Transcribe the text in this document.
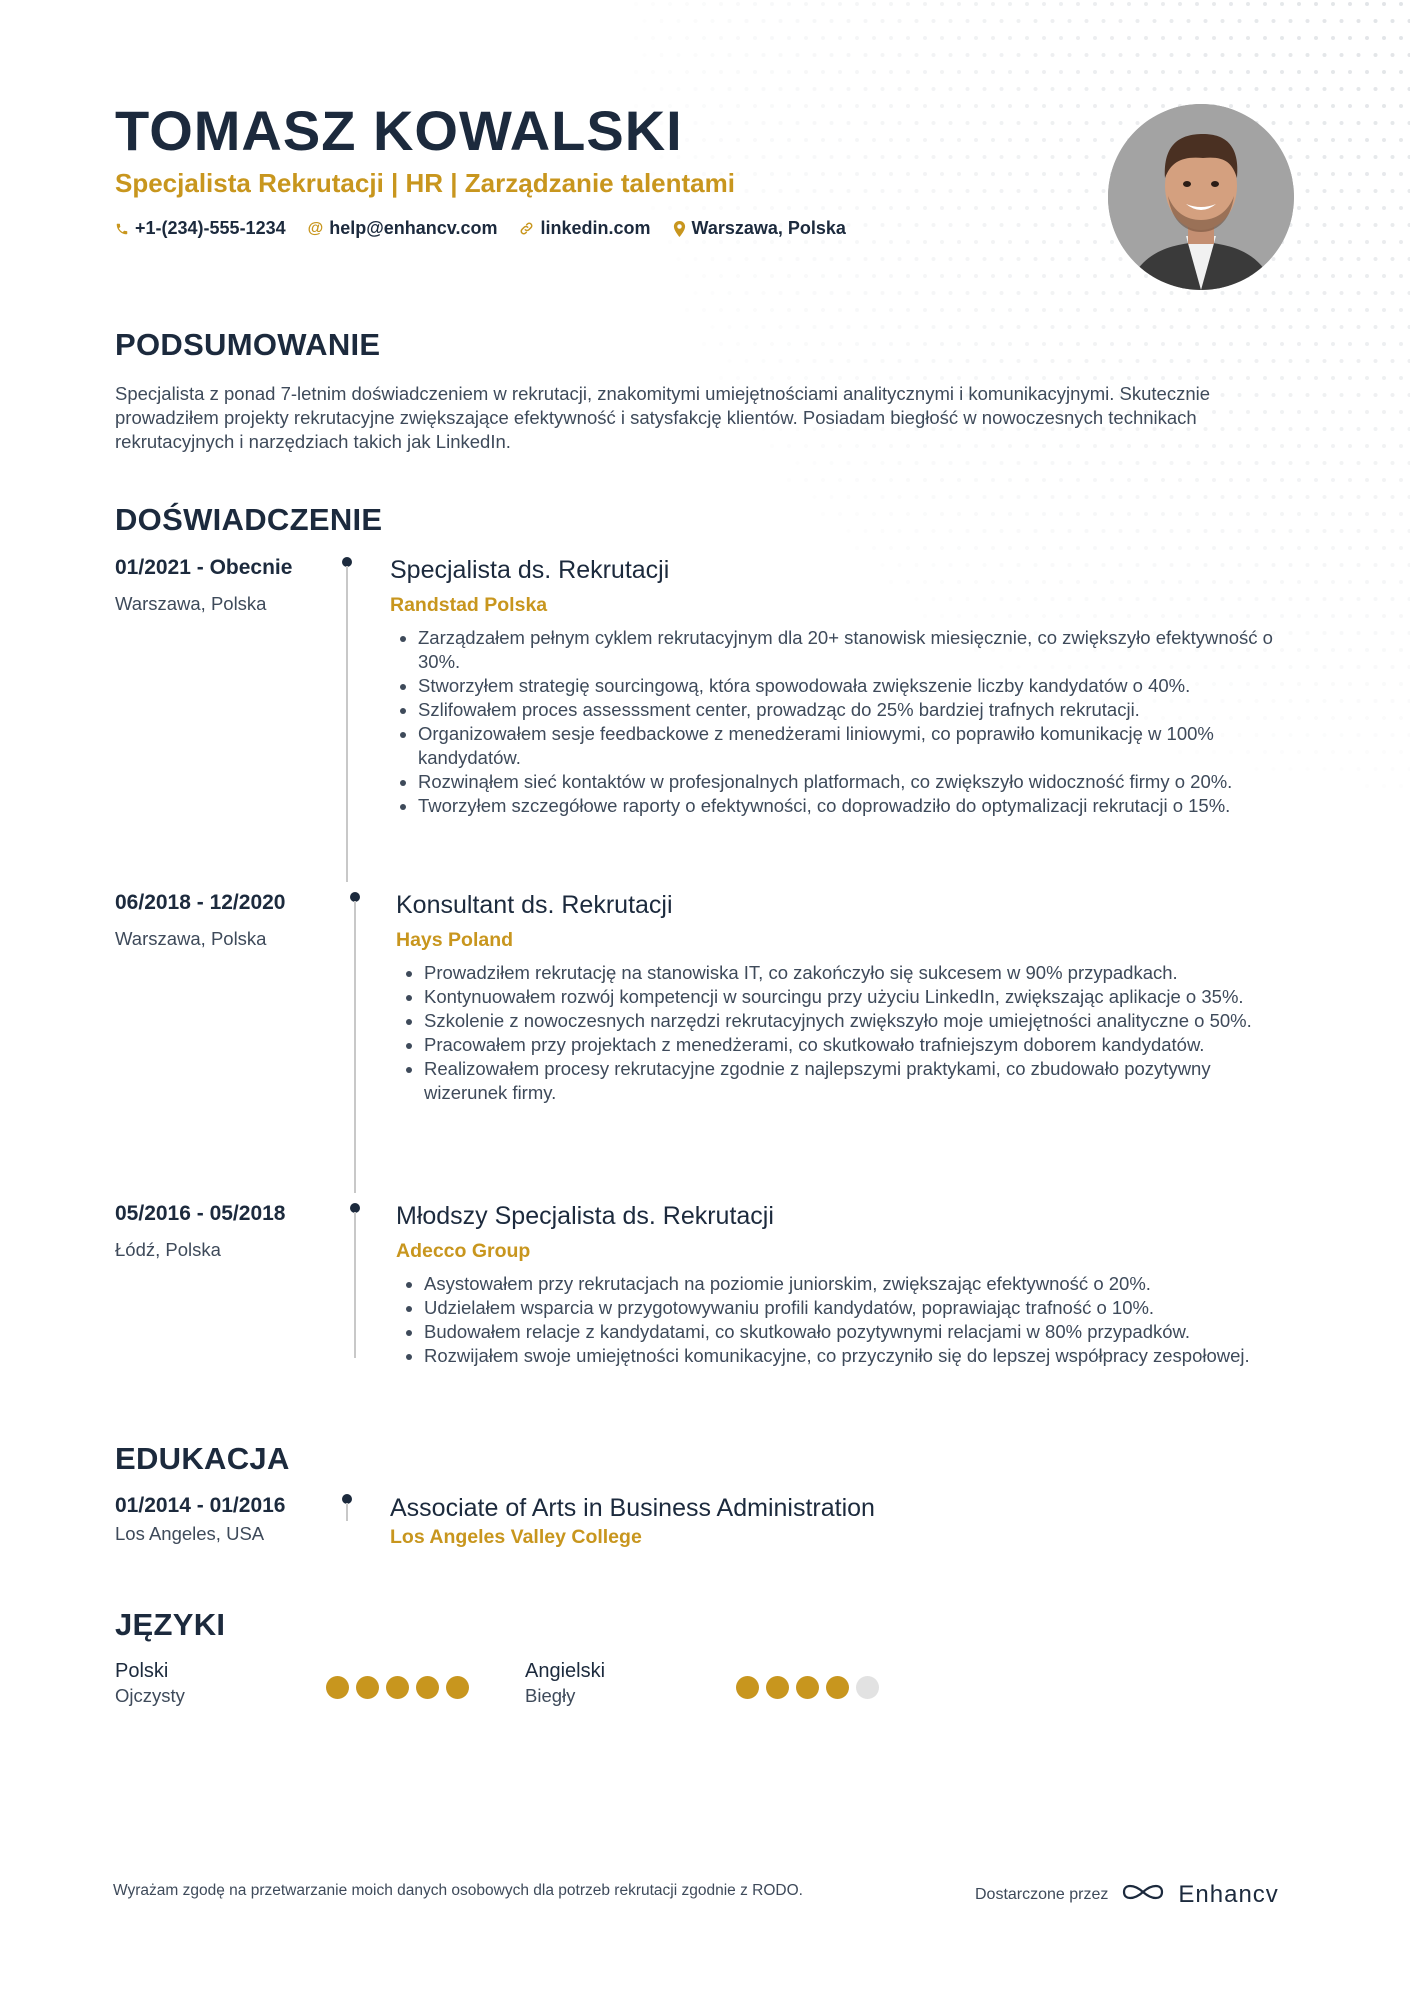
TOMASZ KOWALSKI
Specjalista Rekrutacji | HR | Zarządzanie talentami
+1-(234)-555-1234 @ help@enhancv.com linkedin.com Warszawa, Polska
PODSUMOWANIE
Specjalista z ponad 7-letnim doświadczeniem w rekrutacji, znakomitymi umiejętnościami analitycznymi i komunikacyjnymi. Skutecznie prowadziłem projekty rekrutacyjne zwiększające efektywność i satysfakcję klientów. Posiadam biegłość w nowoczesnych technikach rekrutacyjnych i narzędziach takich jak LinkedIn.
DOŚWIADCZENIE
01/2021 - Obecnie
Warszawa, Polska
Specjalista ds. Rekrutacji
Randstad Polska
• Zarządzałem pełnym cyklem rekrutacyjnym dla 20+ stanowisk miesięcznie, co zwiększyło efektywność o 30%.
• Stworzyłem strategię sourcingową, która spowodowała zwiększenie liczby kandydatów o 40%.
• Szlifowałem proces assesssment center, prowadząc do 25% bardziej trafnych rekrutacji.
• Organizowałem sesje feedbackowe z menedżerami liniowymi, co poprawiło komunikację w 100% kandydatów.
• Rozwinąłem sieć kontaktów w profesjonalnych platformach, co zwiększyło widoczność firmy o 20%.
• Tworzyłem szczegółowe raporty o efektywności, co doprowadziło do optymalizacji rekrutacji o 15%.
06/2018 - 12/2020
Warszawa, Polska
Konsultant ds. Rekrutacji
Hays Poland
• Prowadziłem rekrutację na stanowiska IT, co zakończyło się sukcesem w 90% przypadkach.
• Kontynuowałem rozwój kompetencji w sourcingu przy użyciu LinkedIn, zwiększając aplikacje o 35%.
• Szkolenie z nowoczesnych narzędzi rekrutacyjnych zwiększyło moje umiejętności analityczne o 50%.
• Pracowałem przy projektach z menedżerami, co skutkowało trafniejszym doborem kandydatów.
• Realizowałem procesy rekrutacyjne zgodnie z najlepszymi praktykami, co zbudowało pozytywny wizerunek firmy.
05/2016 - 05/2018
Łódź, Polska
Młodszy Specjalista ds. Rekrutacji
Adecco Group
• Asystowałem przy rekrutacjach na poziomie juniorskim, zwiększając efektywność o 20%.
• Udzielałem wsparcia w przygotowywaniu profili kandydatów, poprawiając trafność o 10%.
• Budowałem relacje z kandydatami, co skutkowało pozytywnymi relacjami w 80% przypadków.
• Rozwijałem swoje umiejętności komunikacyjne, co przyczyniło się do lepszej współpracy zespołowej.
EDUKACJA
01/2014 - 01/2016
Los Angeles, USA
Associate of Arts in Business Administration
Los Angeles Valley College
JĘZYKI
Polski
Ojczysty
Angielski
Biegły
Wyrażam zgodę na przetwarzanie moich danych osobowych dla potrzeb rekrutacji zgodnie z RODO.	Dostarczone przez	Enhancv
